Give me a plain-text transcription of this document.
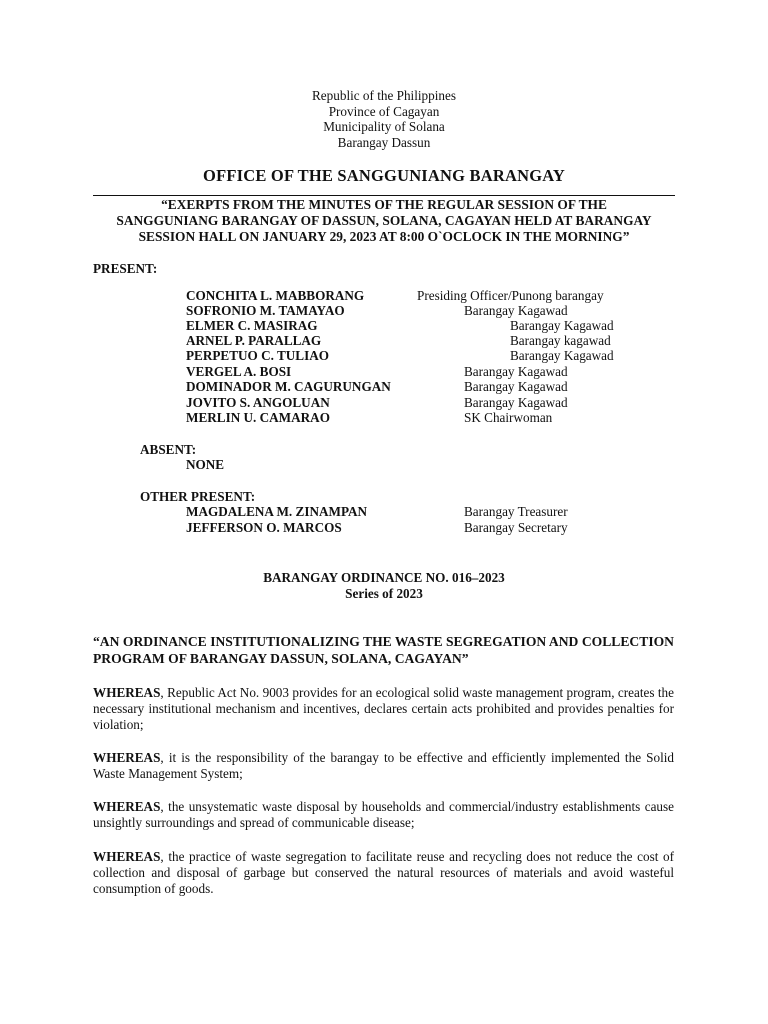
Republic of the Philippines
Province of Cagayan
Municipality of Solana
Barangay Dassun
OFFICE OF THE SANGGUNIANG BARANGAY
“EXERPTS FROM THE MINUTES OF THE REGULAR SESSION OF THE
SANGGUNIANG BARANGAY OF DASSUN, SOLANA, CAGAYAN HELD AT BARANGAY
SESSION HALL ON JANUARY 29, 2023 AT 8:00 O`OCLOCK IN THE MORNING”
PRESENT:
CONCHITA L. MABBORANG	Presiding Officer/Punong barangay
SOFRONIO M. TAMAYAO	Barangay Kagawad
ELMER C. MASIRAG	Barangay Kagawad
ARNEL P. PARALLAG	Barangay kagawad
PERPETUO C. TULIAO	Barangay Kagawad
VERGEL A. BOSI	Barangay Kagawad
DOMINADOR M. CAGURUNGAN	Barangay Kagawad
JOVITO S. ANGOLUAN	Barangay Kagawad
MERLIN U. CAMARAO	SK Chairwoman
ABSENT:
NONE
OTHER PRESENT:
MAGDALENA M. ZINAMPAN	Barangay Treasurer
JEFFERSON O. MARCOS	Barangay Secretary
BARANGAY ORDINANCE NO. 016–2023
Series of 2023
“AN ORDINANCE INSTITUTIONALIZING THE WASTE SEGREGATION AND COLLECTION PROGRAM OF BARANGAY DASSUN, SOLANA, CAGAYAN”
WHEREAS, Republic Act No. 9003 provides for an ecological solid waste management program, creates the necessary institutional mechanism and incentives, declares certain acts prohibited and provides penalties for violation;
WHEREAS, it is the responsibility of the barangay to be effective and efficiently implemented the Solid Waste Management System;
WHEREAS, the unsystematic waste disposal by households and commercial/industry establishments cause unsightly surroundings and spread of communicable disease;
WHEREAS, the practice of waste segregation to facilitate reuse and recycling does not reduce the cost of collection and disposal of garbage but conserved the natural resources of materials and avoid wasteful consumption of goods.
